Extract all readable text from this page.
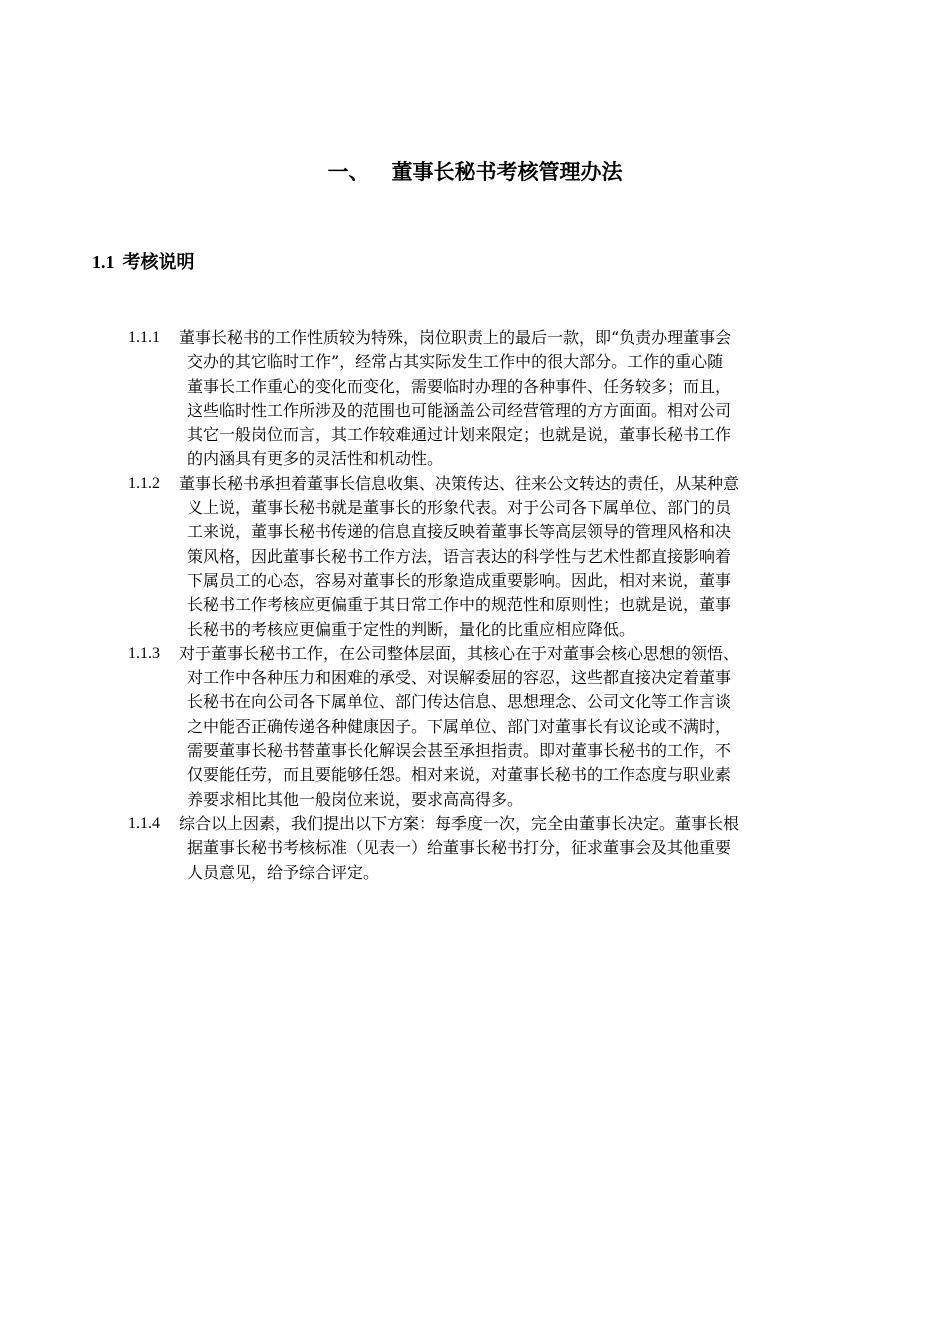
一、 董事长秘书考核管理办法
1.1 考核说明
1.1.1 董事长秘书的工作性质较为特殊，岗位职责上的最后一款，即“负责办理董事会
交办的其它临时工作”，经常占其实际发生工作中的很大部分。工作的重心随
董事长工作重心的变化而变化，需要临时办理的各种事件、任务较多；而且，
这些临时性工作所涉及的范围也可能涵盖公司经营管理的方方面面。相对公司
其它一般岗位而言，其工作较难通过计划来限定；也就是说，董事长秘书工作
的内涵具有更多的灵活性和机动性。
1.1.2 董事长秘书承担着董事长信息收集、决策传达、往来公文转达的责任，从某种意
义上说，董事长秘书就是董事长的形象代表。对于公司各下属单位、部门的员
工来说，董事长秘书传递的信息直接反映着董事长等高层领导的管理风格和决
策风格，因此董事长秘书工作方法，语言表达的科学性与艺术性都直接影响着
下属员工的心态，容易对董事长的形象造成重要影响。因此，相对来说，董事
长秘书工作考核应更偏重于其日常工作中的规范性和原则性；也就是说，董事
长秘书的考核应更偏重于定性的判断，量化的比重应相应降低。
1.1.3 对于董事长秘书工作，在公司整体层面，其核心在于对董事会核心思想的领悟、
对工作中各种压力和困难的承受、对误解委屈的容忍，这些都直接决定着董事
长秘书在向公司各下属单位、部门传达信息、思想理念、公司文化等工作言谈
之中能否正确传递各种健康因子。下属单位、部门对董事长有议论或不满时，
需要董事长秘书替董事长化解误会甚至承担指责。即对董事长秘书的工作，不
仅要能任劳，而且要能够任怨。相对来说，对董事长秘书的工作态度与职业素
养要求相比其他一般岗位来说，要求高高得多。
1.1.4 综合以上因素，我们提出以下方案：每季度一次，完全由董事长决定。董事长根
据董事长秘书考核标准（见表一）给董事长秘书打分，征求董事会及其他重要
人员意见，给予综合评定。
